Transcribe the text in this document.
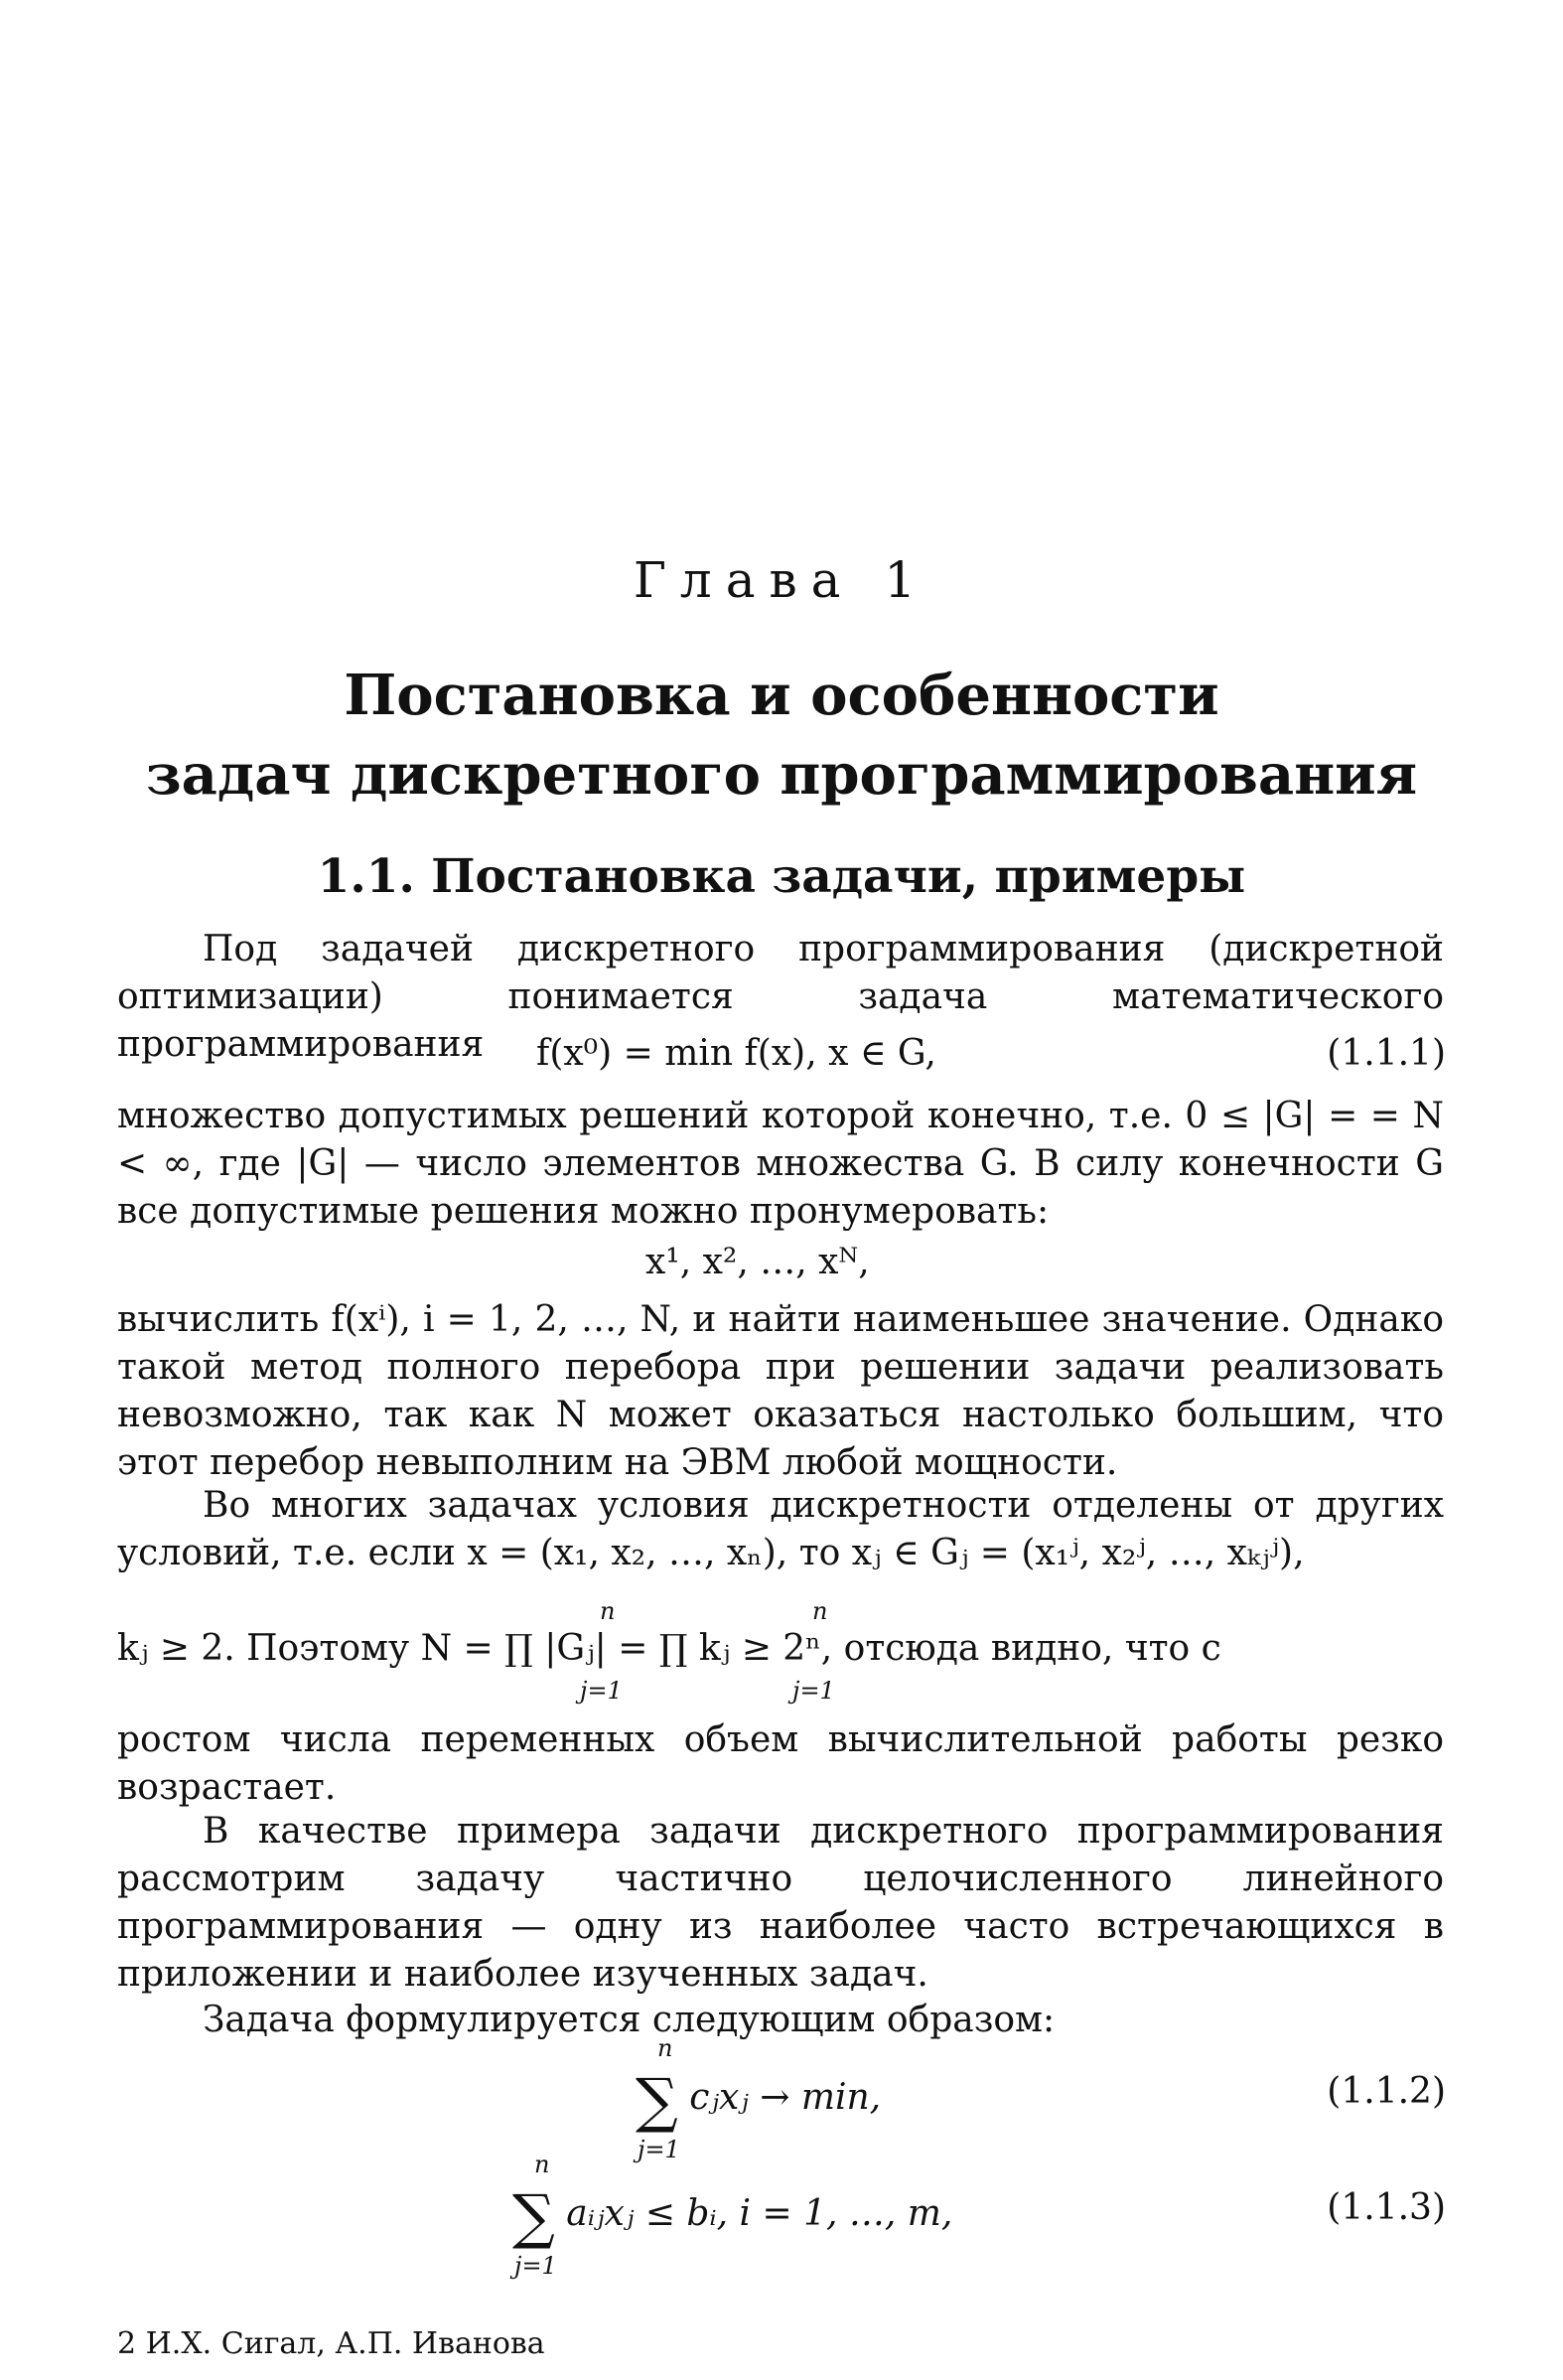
Глава 1
Постановка и особенности
задач дискретного программирования
1.1. Постановка задачи, примеры

Под задачей дискретного программирования (дискретной оптимизации) понимается задача математического программирования	f(x⁰) = min f(x), x ∈ G,	(1.1.1)

множество допустимых решений которой конечно, т.е. 0 ≤ |G| = = N < ∞, где |G| — число элементов множества G. В силу конечности G все допустимые решения можно пронумеровать:

x¹, x², …, xᴺ,

вычислить f(xⁱ), i = 1, 2, …, N, и найти наименьшее значение. Однако такой метод полного перебора при решении задачи реализовать невозможно, так как N может оказаться настолько большим, что этот перебор невыполним на ЭВМ любой мощности.

Во многих задачах условия дискретности отделены от других условий, т.е. если x = (x₁, x₂, …, xₙ), то xⱼ ∈ Gⱼ = (x₁ʲ, x₂ʲ, …, xₖⱼʲ),

kⱼ ≥ 2. Поэтому N = ∏ |Gⱼ| = ∏ kⱼ ≥ 2ⁿ, отсюда видно, что с

n
j=1
n
j=1

ростом числа переменных объем вычислительной работы резко возрастает.

В качестве примера задачи дискретного программирования рассмотрим задачу частично целочисленного линейного программирования — одну из наиболее часто встречающихся в приложении и наиболее изученных задач.

Задача формулируется следующим образом:

n
∑ cⱼxⱼ → min,
j=1
(1.1.2)
n
∑ aᵢⱼxⱼ ≤ bᵢ, i = 1, …, m,
j=1
(1.1.3)
2 И.Х. Сигал, А.П. Иванова
